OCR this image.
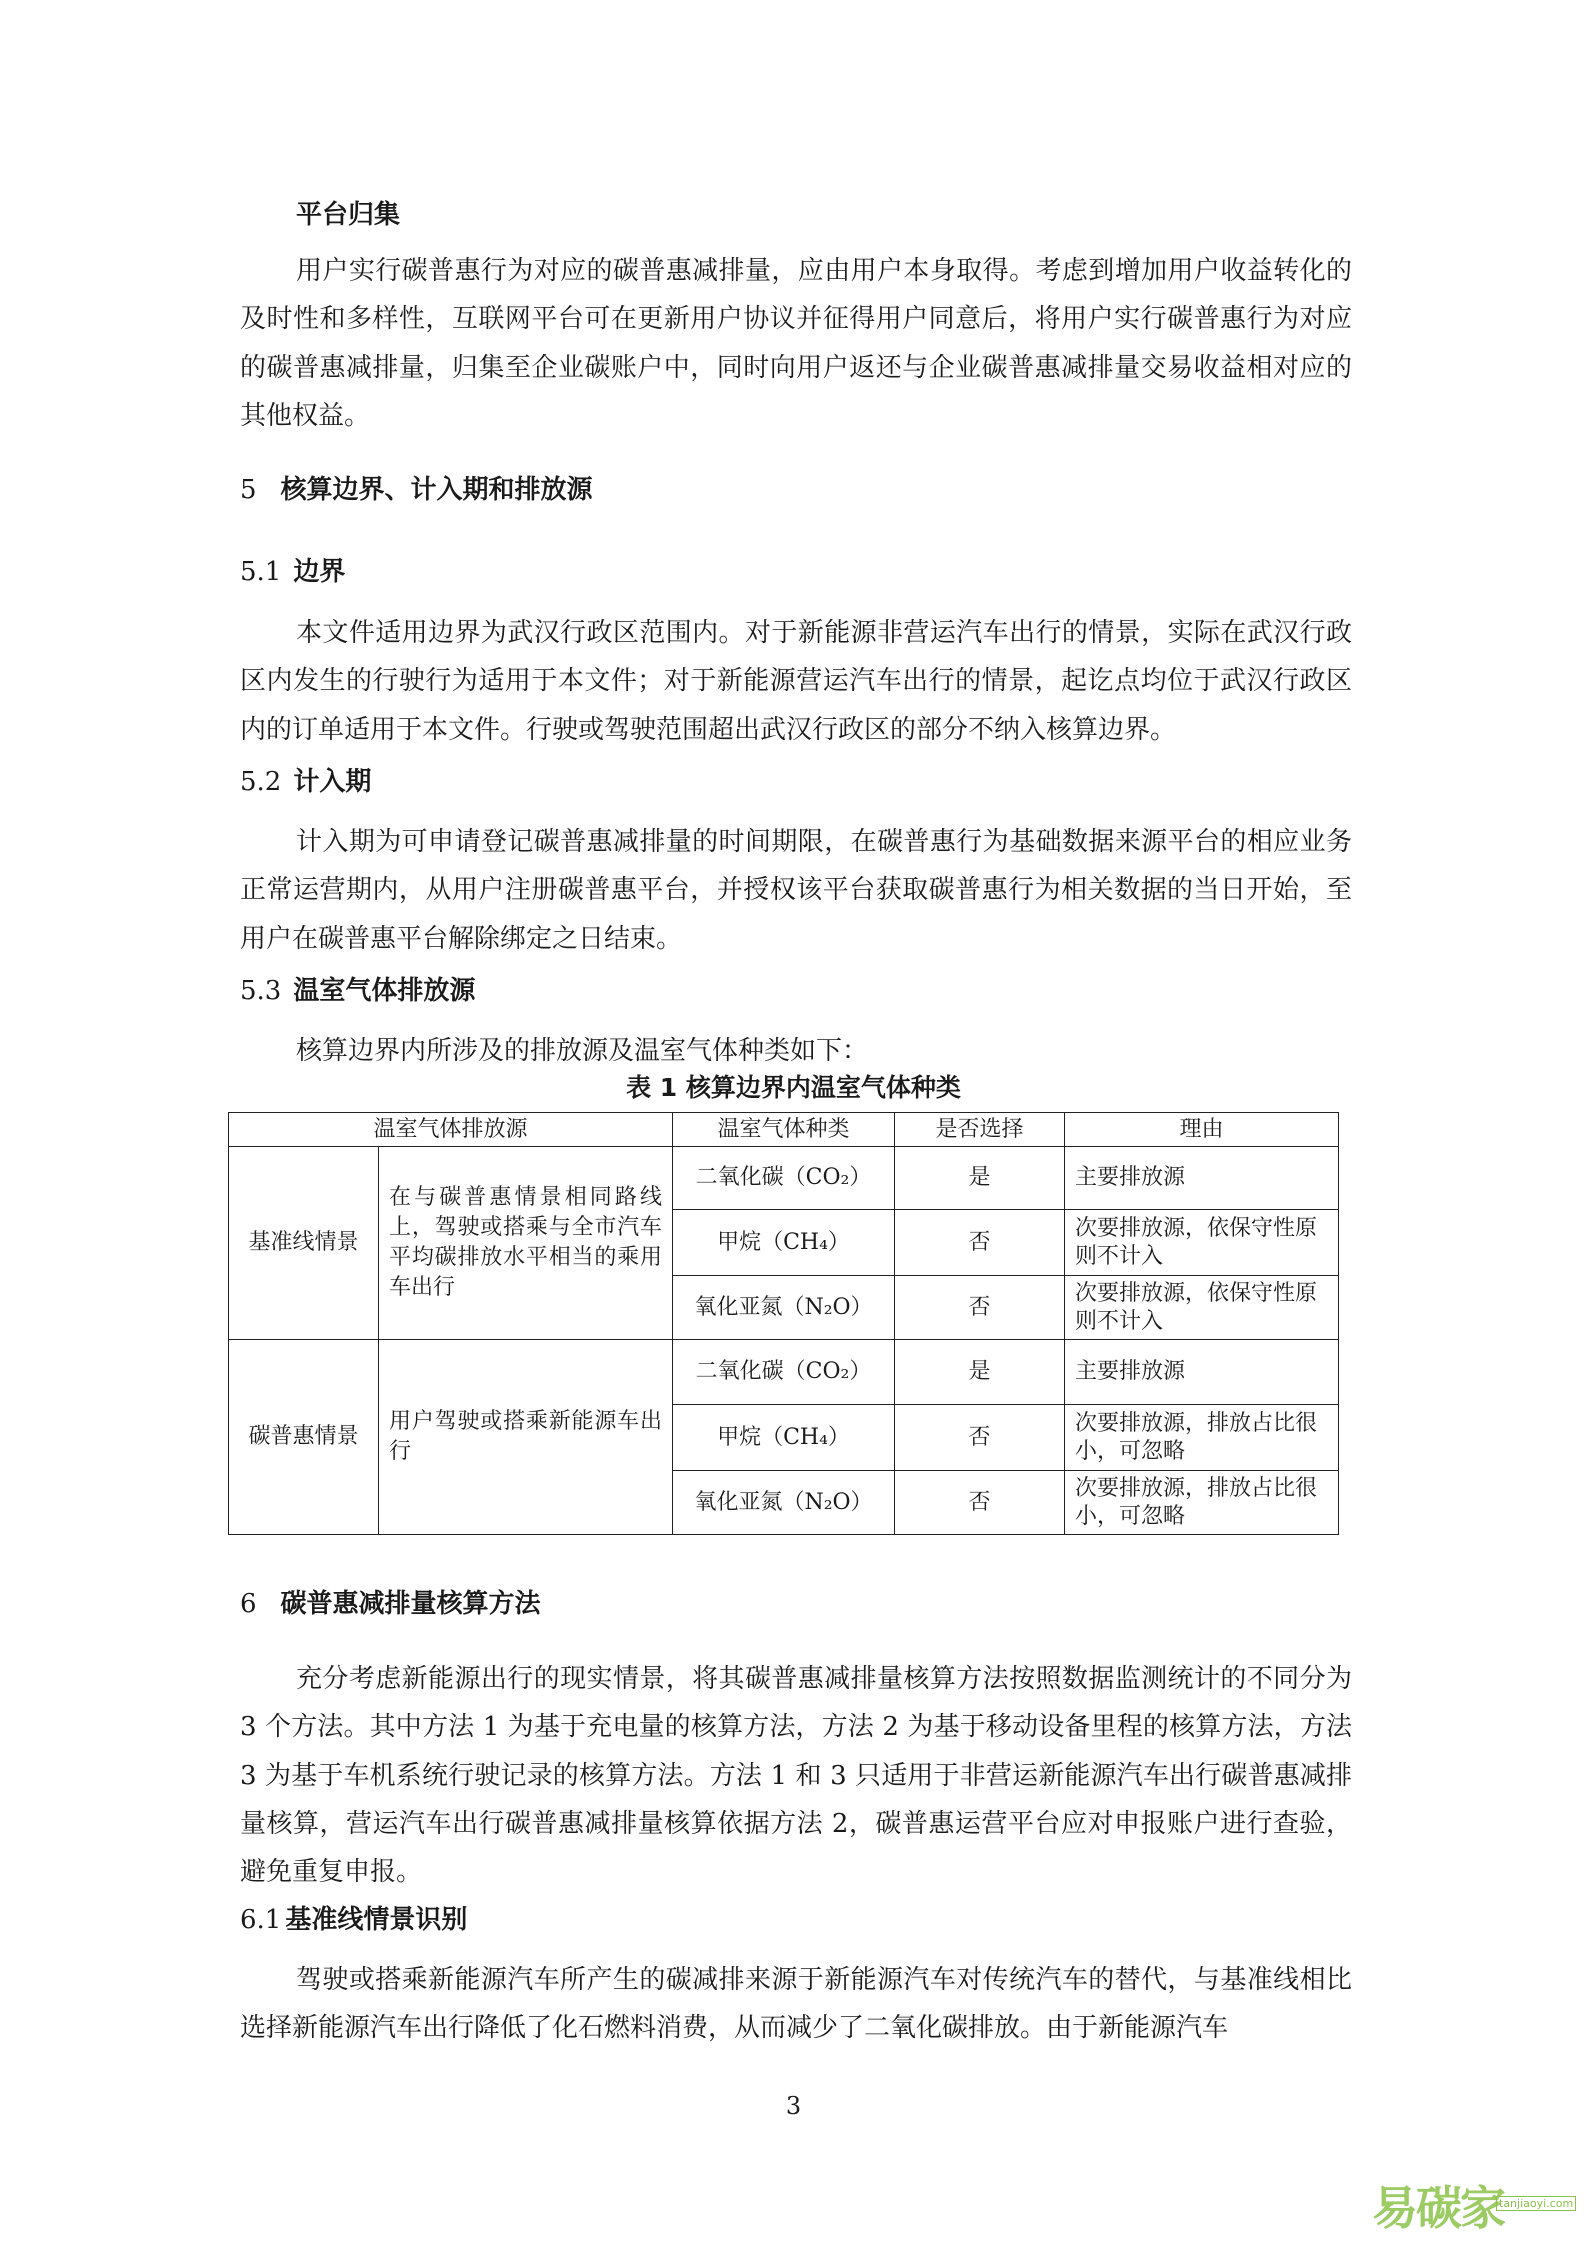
平台归集
用户实行碳普惠行为对应的碳普惠减排量，应由用户本身取得。考虑到增加用户收益转化的及时性和多样性，互联网平台可在更新用户协议并征得用户同意后，将用户实行碳普惠行为对应的碳普惠减排量，归集至企业碳账户中，同时向用户返还与企业碳普惠减排量交易收益相对应的其他权益。
5 核算边界、计入期和排放源
5.1 边界
本文件适用边界为武汉行政区范围内。对于新能源非营运汽车出行的情景，实际在武汉行政区内发生的行驶行为适用于本文件；对于新能源营运汽车出行的情景，起讫点均位于武汉行政区内的订单适用于本文件。行驶或驾驶范围超出武汉行政区的部分不纳入核算边界。
5.2 计入期
计入期为可申请登记碳普惠减排量的时间期限，在碳普惠行为基础数据来源平台的相应业务正常运营期内，从用户注册碳普惠平台，并授权该平台获取碳普惠行为相关数据的当日开始，至用户在碳普惠平台解除绑定之日结束。
5.3 温室气体排放源
核算边界内所涉及的排放源及温室气体种类如下：
表 1 核算边界内温室气体种类
温室气体排放源		温室气体种类	是否选择	理由
基准线情景	在与碳普惠情景相同路线上，驾驶或搭乘与全市汽车平均碳排放水平相当的乘用车出行	二氧化碳（CO₂）	是	主要排放源
		甲烷（CH₄）	否	次要排放源，依保守性原则不计入
		氧化亚氮（N₂O）	否	次要排放源，依保守性原则不计入
碳普惠情景	用户驾驶或搭乘新能源车出行	二氧化碳（CO₂）	是	主要排放源
		甲烷（CH₄）	否	次要排放源，排放占比很小，可忽略
		氧化亚氮（N₂O）	否	次要排放源，排放占比很小，可忽略
6 碳普惠减排量核算方法
充分考虑新能源出行的现实情景，将其碳普惠减排量核算方法按照数据监测统计的不同分为 3 个方法。其中方法 1 为基于充电量的核算方法，方法 2 为基于移动设备里程的核算方法，方法 3 为基于车机系统行驶记录的核算方法。方法 1 和 3 只适用于非营运新能源汽车出行碳普惠减排量核算，营运汽车出行碳普惠减排量核算依据方法 2，碳普惠运营平台应对申报账户进行查验，避免重复申报。
6.1 基准线情景识别
驾驶或搭乘新能源汽车所产生的碳减排来源于新能源汽车对传统汽车的替代，与基准线相比选择新能源汽车出行降低了化石燃料消费，从而减少了二氧化碳排放。由于新能源汽车
3
易碳家
tanjiaoyi.com
